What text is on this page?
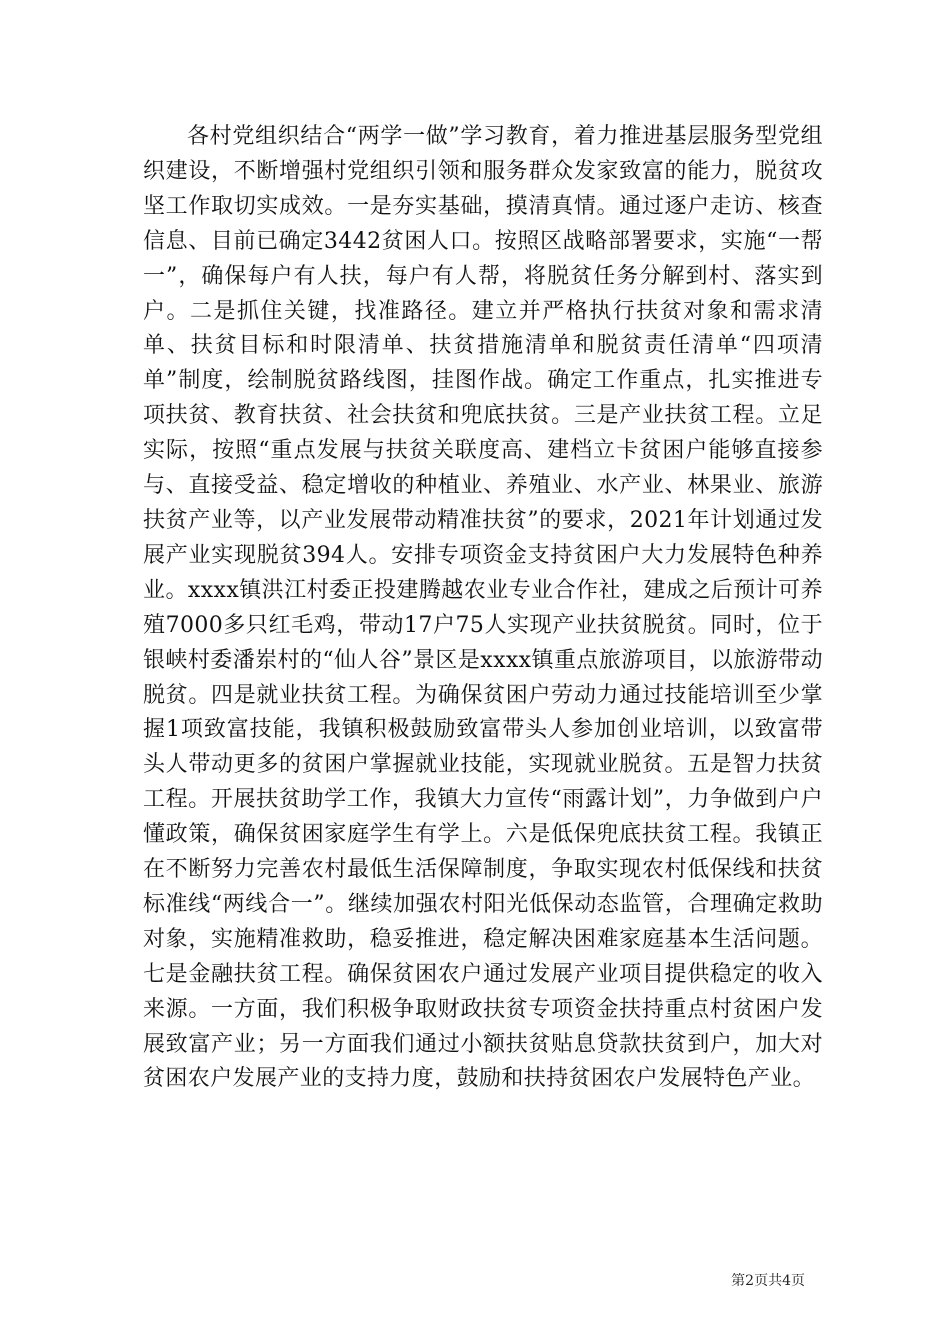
各村党组织结合“两学一做”学习教育，着力推进基层服务型党组织建设，不断增强村党组织引领和服务群众发家致富的能力，脱贫攻坚工作取切实成效。一是夯实基础，摸清真情。通过逐户走访、核查信息、目前已确定3442贫困人口。按照区战略部署要求，实施“一帮一”，确保每户有人扶，每户有人帮，将脱贫任务分解到村、落实到户。二是抓住关键，找准路径。建立并严格执行扶贫对象和需求清单、扶贫目标和时限清单、扶贫措施清单和脱贫责任清单“四项清单”制度，绘制脱贫路线图，挂图作战。确定工作重点，扎实推进专项扶贫、教育扶贫、社会扶贫和兜底扶贫。三是产业扶贫工程。立足实际，按照“重点发展与扶贫关联度高、建档立卡贫困户能够直接参与、直接受益、稳定增收的种植业、养殖业、水产业、林果业、旅游扶贫产业等，以产业发展带动精准扶贫”的要求，2021年计划通过发展产业实现脱贫394人。安排专项资金支持贫困户大力发展特色种养业。xxxx镇洪江村委正投建腾越农业专业合作社，建成之后预计可养殖7000多只红毛鸡，带动17户75人实现产业扶贫脱贫。同时，位于银峡村委潘岽村的“仙人谷”景区是xxxx镇重点旅游项目，以旅游带动脱贫。四是就业扶贫工程。为确保贫困户劳动力通过技能培训至少掌握1项致富技能，我镇积极鼓励致富带头人参加创业培训，以致富带头人带动更多的贫困户掌握就业技能，实现就业脱贫。五是智力扶贫工程。开展扶贫助学工作，我镇大力宣传“雨露计划”，力争做到户户懂政策，确保贫困家庭学生有学上。六是低保兜底扶贫工程。我镇正在不断努力完善农村最低生活保障制度，争取实现农村低保线和扶贫标准线“两线合一”。继续加强农村阳光低保动态监管，合理确定救助对象，实施精准救助，稳妥推进，稳定解决困难家庭基本生活问题。七是金融扶贫工程。确保贫困农户通过发展产业项目提供稳定的收入来源。一方面，我们积极争取财政扶贫专项资金扶持重点村贫困户发展致富产业；另一方面我们通过小额扶贫贴息贷款扶贫到户，加大对贫困农户发展产业的支持力度，鼓励和扶持贫困农户发展特色产业。

第2页共4页
